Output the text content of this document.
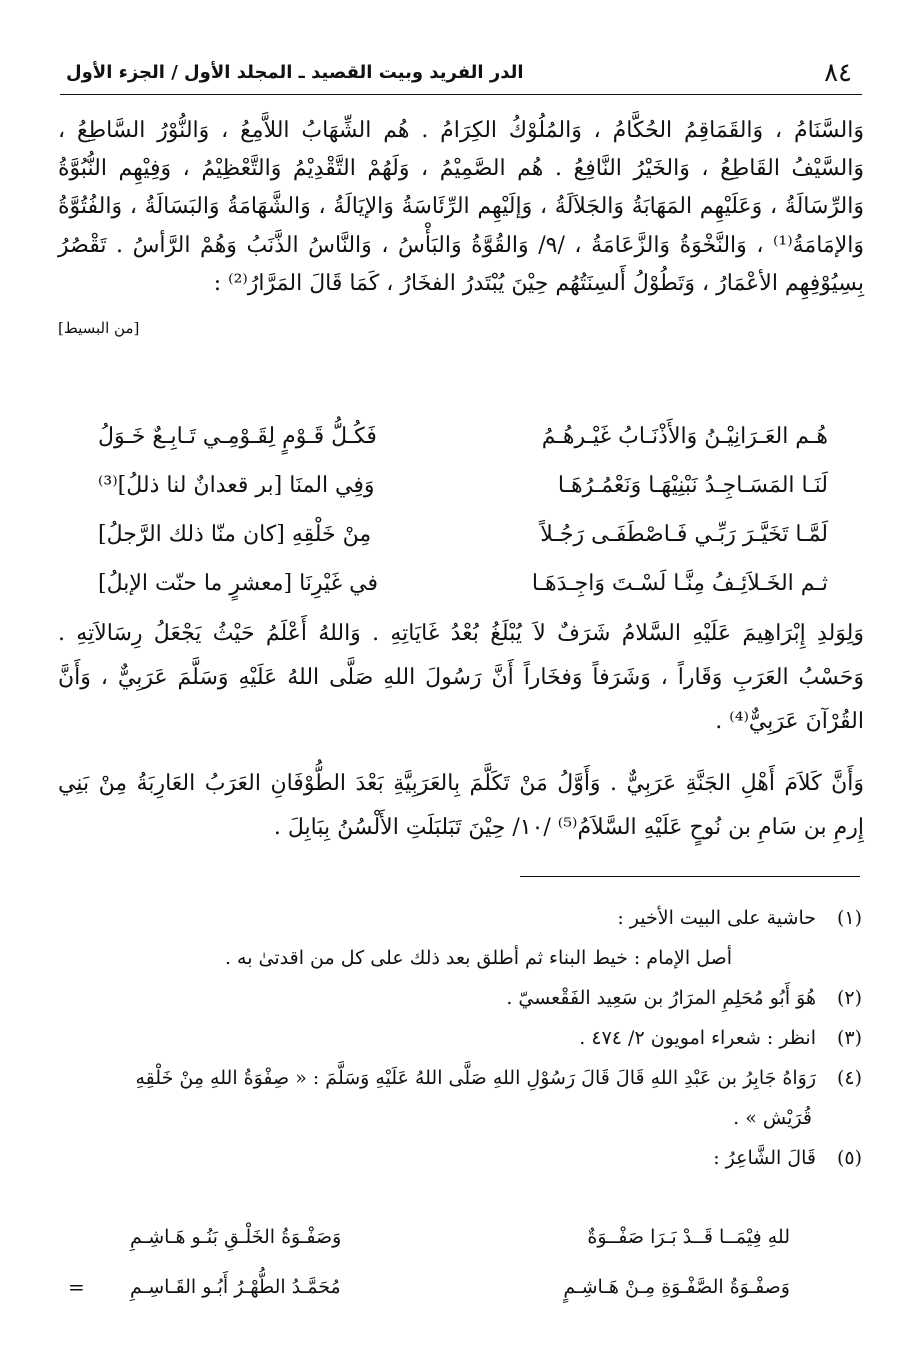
٨٤
الدر الفريد وبيت القصيد ـ المجلد الأول / الجزء الأول

وَالسَّنَامُ ، وَالقَمَاقِمُ الحُكَّامُ ، وَالمُلُوْكُ الكِرَامُ . هُم الشِّهَابُ اللاَّمِعُ ، وَالنُّوْرُ السَّاطِعُ ، وَالسَّيْفُ القَاطِعُ ، وَالخَيْرُ النَّافِعُ . هُم الصَّمِيْمُ ، وَلَهُمْ التَّقْدِيْمُ وَالتَّعْظِيْمُ ، وَفِيْهِم النُّبُوَّةُ وَالرِّسَالَةُ ، وَعَلَيْهِم المَهَابَةُ وَالجَلاَلَةُ ، وَإلَيْهِم الرِّئَاسَةُ وَالإيَالَةُ ، وَالشَّهَامَةُ وَالبَسَالَةُ ، وَالفُتُوَّةُ وَالإمَامَةُ⁽¹⁾ ، وَالنَّخْوَةُ وَالزَّعَامَةُ ، /٩/ وَالقُوَّةُ وَالبَأْسُ ، وَالنَّاسُ الذَّنَبُ وَهُمْ الرَّأسُ . تَقْصُرُ بِسِيُوْفِهِم الأعْمَارُ ، وَتَطُوْلُ أَلسِنَتُهُم حِيْنَ يُبْتَدرُ الفخَارُ ، كَمَا قَالَ المَرَّارُ⁽²⁾ :

[من البسيط]
هُـم العَـرَانِيْـنُ وَالأَذْنَـابُ غَيْـرهُـمُ
فَكُـلُّ قَـوْمٍ لِقَـوْمِـي تَـابِـعٌ خَـوَلُ
لَنَـا المَسَـاجِـدُ نَبْنِيْهَـا وَنَعْمُـرُهَـا
وَفِي المنَا [بر قعدانٌ لنا ذللُ]⁽³⁾
لَمَّـا تَخَيَّـرَ رَبِّـي فَـاصْطَفَـى رَجُـلاً
مِنْ خَلْقِهِ [كان منّا ذلك الرَّجلُ]
ثـم الخَـلاَئِـفُ مِنَّـا لَسْـتَ وَاجِـدَهَـا
في غَيْرِنَا [معشرٍ ما حنّت الإبلُ]

وَلِوَلدِ إِبْرَاهِيمَ عَلَيْهِ السَّلامُ شَرَفٌ لاَ يُبْلَغُ بُعْدُ غَايَاتِهِ . وَاللهُ أَعْلَمُ حَيْثُ يَجْعَلُ رِسَالاَتِهِ . وَحَسْبُ العَرَبِ وَقَاراً ، وَشَرَفاً وَفخَاراً أَنَّ رَسُولَ اللهِ صَلَّى اللهُ عَلَيْهِ وَسَلَّمَ عَرَبِيٌّ ، وَأَنَّ القُرْآنَ عَرَبِيٌّ⁽⁴⁾ .

وَأَنَّ كَلاَمَ أَهْلِ الجَنَّةِ عَرَبِيٌّ . وَأَوَّلُ مَنْ تَكَلَّمَ بِالعَرَبِيَّةِ بَعْدَ الطُّوْفَانِ العَرَبُ العَارِبَةُ مِنْ بَنِي إِرمِ بن سَامِ بن نُوحٍ عَلَيْهِ السَّلاَمُ⁽⁵⁾ /١٠/ حِيْنَ تَبَلبَلَتِ الأَلْسُنُ بِبَابِلَ .

(١)حاشية على البيت الأخير :
أصل الإمام : خيط البناء ثم أطلق بعد ذلك على كل من اقدتىٰ به .
(٢)هُوَ أَبُو مُحَلِمِ المرَارُ بن سَعِيد الفَقْعسيّ .
(٣)انظر : شعراء امويون ٢/ ٤٧٤ .
(٤)رَوَاهُ جَابِرُ بن عَبْدِ اللهِ قَالَ قَالَ رَسُوْلِ اللهِ صَلَّى اللهُ عَلَيْهِ وَسَلَّمَ : « صِفْوَةُ اللهِ مِنْ خَلْقِهِ
قُرَيْش » .
(٥)قَالَ الشَّاعِرُ :
للهِ فِيْمَــا قَــدْ بَـرَا صَفْــوَةٌ
وَصَفْـوَةُ الخَلْـقِ بَنُـو هَـاشِـمِ
وَصفْـوَةُ الصَّفْـوَةِ مِـنْ هَـاشِـمٍ
مُحَمَّـدُ الطُّهْـرُ أَبُـو القَـاسِـمِ
=
